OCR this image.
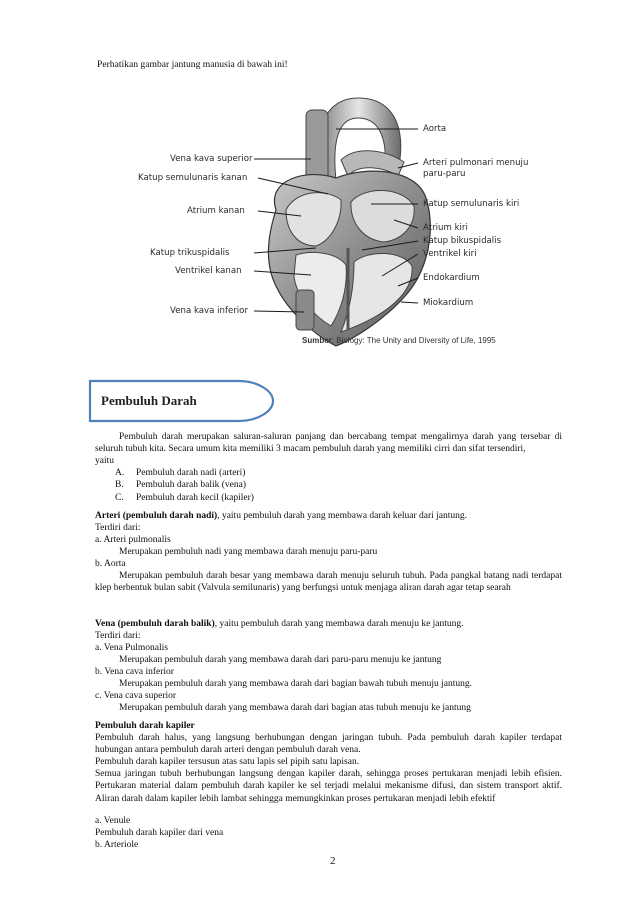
Perhatikan gambar jantung manusia di bawah ini!
Vena kava superior
Katup semulunaris kanan
Atrium kanan
Katup trikuspidalis
Ventrikel kanan
Vena kava inferior
Aorta
Arteri pulmonari menuju
paru-paru
Katup semulunaris kiri
Atrium kiri
Katup bikuspidalis
Ventrikel kiri
Endokardium
Miokardium
Sumber: Biology: The Unity and Diversity of Life, 1995
Pembuluh Darah
Pembuluh darah merupakan saluran-saluran panjang dan bercabang tempat mengalirnya darah yang tersebar di seluruh tubuh kita. Secara umum kita memiliki 3 macam pembuluh darah yang memiliki cirri dan sifat tersendiri,
yaitu
A. Pembuluh darah nadi (arteri)
B. Pembuluh darah balik (vena)
C. Pembuluh darah kecil (kapiler)
Arteri (pembuluh darah nadi), yaitu pembuluh darah yang membawa darah keluar dari jantung.
Terdiri dari:
a. Arteri pulmonalis
Merupakan pembuluh nadi yang membawa darah menuju paru-paru
b. Aorta
Merupakan pembuluh darah besar yang membawa darah menuju seluruh tubuh. Pada pangkal batang nadi terdapat klep berbentuk bulan sabit (Valvula semilunaris) yang berfungsi untuk menjaga aliran darah agar tetap searah
Vena (pembuluh darah balik), yaitu pembuluh darah yang membawa darah menuju ke jantung.
Terdiri dari:
a. Vena Pulmonalis
Merupakan pembuluh darah yang membawa darah dari paru-paru menuju ke jantung
b. Vena cava inferior
Merupakan pembuluh darah yang membawa darah dari bagian bawah tubuh menuju jantung.
c. Vena cava superior
Merupakan pembuluh darah yang membawa darah dari bagian atas tubuh menuju ke jantung
Pembuluh darah kapiler
Pembuluh darah halus, yang langsung berhubungan dengan jaringan tubuh. Pada pembuluh darah kapiler terdapat hubungan antara pembuluh darah arteri dengan pembuluh darah vena.
Pembuluh darah kapiler tersusun atas satu lapis sel pipih satu lapisan.
Semua jaringan tubuh berhubungan langsung dengan kapiler darah, sehingga proses pertukaran menjadi lebih efisien. Pertukaran material dalam pembuluh darah kapiler ke sel terjadi melalui mekanisme difusi, dan sistem transport aktif. Aliran darah dalam kapiler lebih lambat sehingga memungkinkan proses pertukaran menjadi lebih efektif
a. Venule
Pembuluh darah kapiler dari vena
b. Arteriole
2
